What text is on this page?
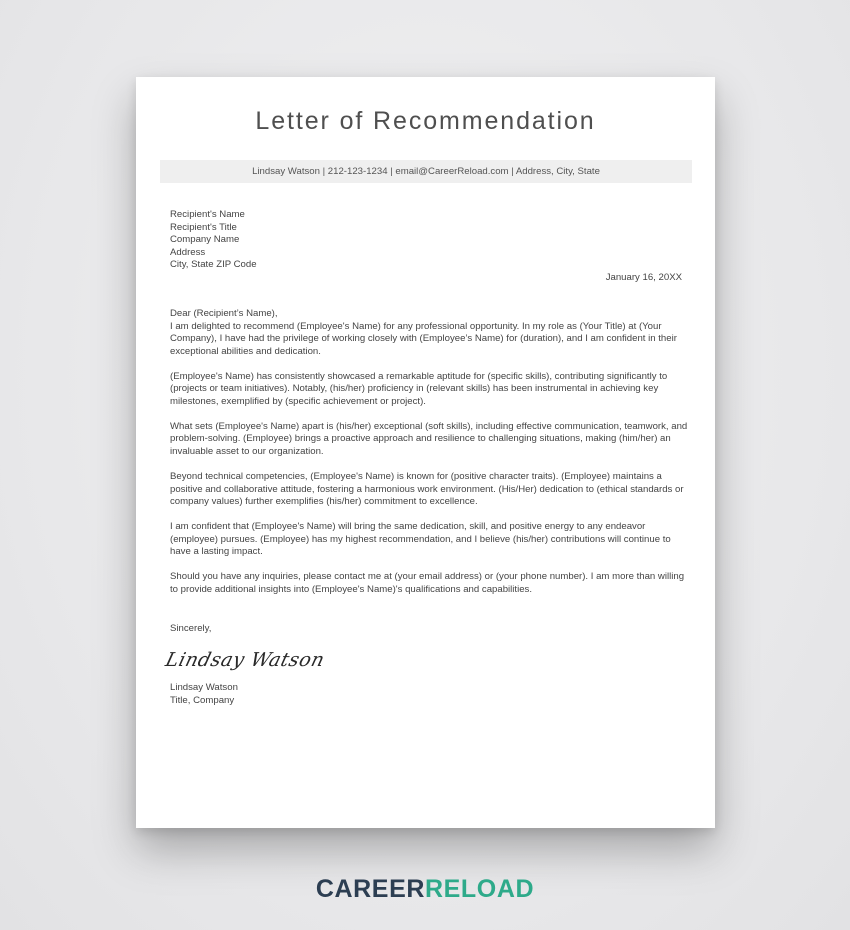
Letter of Recommendation
Lindsay Watson | 212-123-1234 | email@CareerReload.com | Address, City, State
Recipient's Name
Recipient's Title
Company Name
Address
City, State ZIP Code
January 16, 20XX

Dear (Recipient’s Name),

I am delighted to recommend (Employee's Name) for any professional opportunity. In my role as (Your Title) at (Your Company), I have had the privilege of working closely with (Employee’s Name) for (duration), and I am confident in their exceptional abilities and dedication.

(Employee's Name) has consistently showcased a remarkable aptitude for (specific skills), contributing significantly to (projects or team initiatives). Notably, (his/her) proficiency in (relevant skills) has been instrumental in achieving key milestones, exemplified by (specific achievement or project).

What sets (Employee's Name) apart is (his/her) exceptional (soft skills), including effective communication, teamwork, and problem-solving. (Employee) brings a proactive approach and resilience to challenging situations, making (him/her) an invaluable asset to our organization.

Beyond technical competencies, (Employee's Name) is known for (positive character traits). (Employee) maintains a positive and collaborative attitude, fostering a harmonious work environment. (His/Her) dedication to (ethical standards or company values) further exemplifies (his/her) commitment to excellence.

I am confident that (Employee's Name) will bring the same dedication, skill, and positive energy to any endeavor (employee) pursues. (Employee) has my highest recommendation, and I believe (his/her) contributions will continue to have a lasting impact.

Should you have any inquiries, please contact me at (your email address) or (your phone number). I am more than willing to provide additional insights into (Employee's Name)'s qualifications and capabilities.

Sincerely,
Lindsay Watson
Lindsay Watson
Title, Company
CAREERRELOAD
